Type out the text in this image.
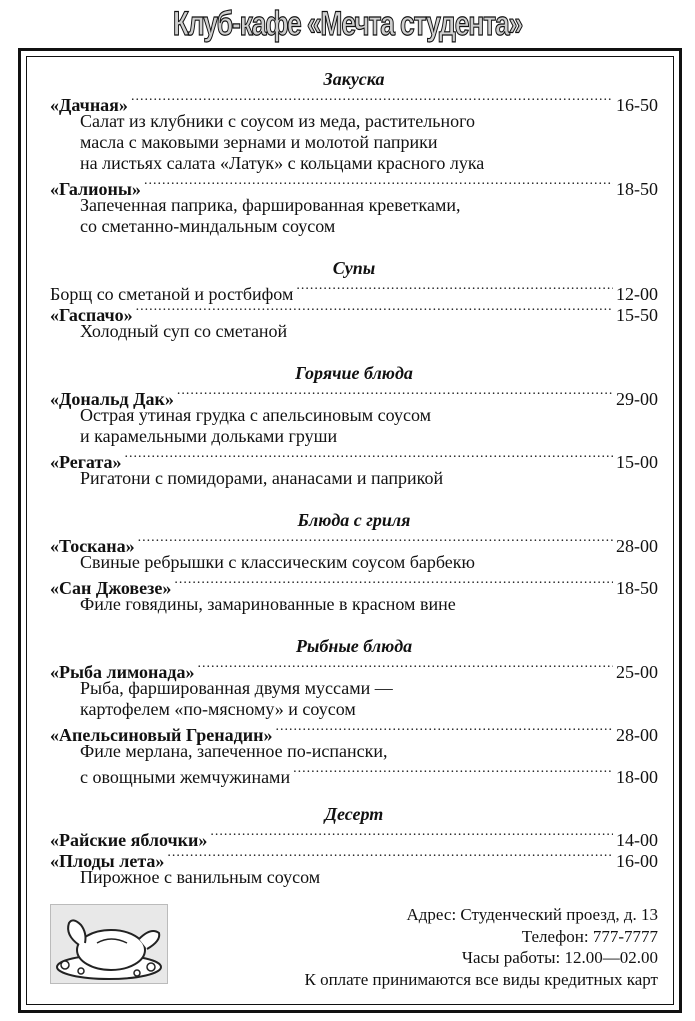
Клуб-кафе «Мечта студента»
Закуска
«Дачная» .....	16-50
Салат из клубники с соусом из меда, растительного
масла с маковыми зернами и молотой паприки
на листьях салата «Латук» с кольцами красного лука
«Галионы» .....	18-50
Запеченная паприка, фаршированная креветками,
со сметанно-миндальным соусом
Супы
Борщ со сметаной и ростбифом .....	12-00
«Гаспачо» .....	15-50
Холодный суп со сметаной
Горячие блюда
«Дональд Дак» .....	29-00
Острая утиная грудка с апельсиновым соусом
и карамельными дольками груши
«Регата» .....	15-00
Ригатони с помидорами, ананасами и паприкой
Блюда с гриля
«Тоскана» .....	28-00
Свиные ребрышки с классическим соусом барбекю
«Сан Джовезе» .....	18-50
Филе говядины, замаринованные в красном вине
Рыбные блюда
«Рыба лимонада» .....	25-00
Рыба, фаршированная двумя муссами —
картофелем «по-мясному» и соусом
«Апельсиновый Гренадин» .....	28-00
Филе мерлана, запеченное по-испански,
с овощными жемчужинами .....	18-00
Десерт
«Райские яблочки» .....	14-00
«Плоды лета» .....	16-00
Пирожное с ванильным соусом
Адрес: Студенческий проезд, д. 13
Телефон: 777-7777
Часы работы: 12.00—02.00
К оплате принимаются все виды кредитных карт
